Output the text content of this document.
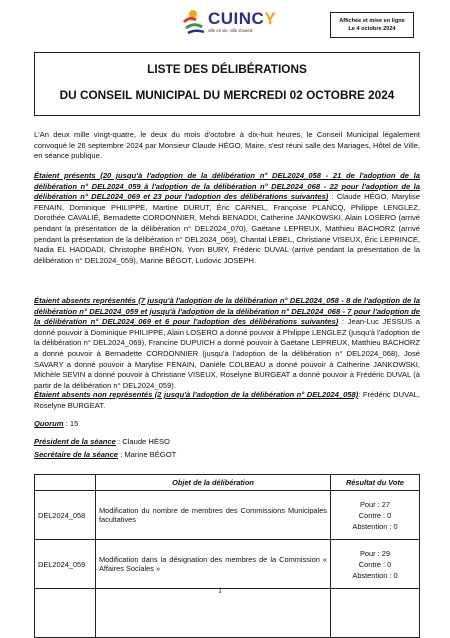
CUINCY
ville en vie, ville d'avenir
Affichée et mise en ligne
Le 4 octobre 2024
LISTE DES DÉLIBÉRATIONS
DU CONSEIL MUNICIPAL DU MERCREDI 02 OCTOBRE 2024
L'An deux mille vingt-quatre, le deux du mois d'octobre à dix-huit heures, le Conseil Municipal légalement convoqué le 26 septembre 2024 par Monsieur Claude HÉGO, Maire, s'est réuni salle des Mariages, Hôtel de Ville, en séance publique.
Étaient présents (20 jusqu'à l'adoption de la délibération n° DEL2024_058 - 21 de l'adoption de la délibération n° DEL2024_059 à l'adoption de la délibération n° DEL2024_068 - 22 pour l'adoption de la délibération n° DEL2024_069 et 23 pour l'adoption des délibérations suivantes) : Claude HÉGO, Marylise FENAIN, Dominique PHILIPPE, Martine DURUT, Éric CARNEL, Françoise PLANCQ, Philippe LENGLEZ, Dorothée CAVALIÉ, Bernadette CORDONNIER, Mehdi BENADDI, Catherine JANKOWSKI, Alain LOSERO (arrivé pendant la présentation de la délibération n° DEL2024_070), Gaëtane LEPREUX, Matthieu BACHORZ (arrivé pendant la présentation de la délibération n° DEL2024_069), Chantal LEBEL, Christiane VISEUX, Éric LEPRINCE, Nadia EL HADDADI, Christophe BRÉHON, Yvon BURY, Frédéric DUVAL (arrivé pendant la présentation de la délibération n° DEL2024_059), Marine BÉGOT, Ludovic JOSEPH.
Étaient absents représentés (7 jusqu'à l'adoption de la délibération n° DEL2024_058 - 8 de l'adoption de la délibération n° DEL2024_059 et jusqu'à l'adoption de la délibération n° DEL2024_068 - 7 pour l'adoption de la délibération n° DEL2024_069 et 6 pour l'adoption des délibérations suivantes) : Jean-Luc JESSUS a donné pouvoir à Dominique PHILIPPE, Alain LOSERO a donné pouvoir à Philippe LENGLEZ (jusqu'à l'adoption de la délibération n° DEL2024_069), Francine DUPUICH a donné pouvoir à Gaëtane LEPREUX, Matthieu BACHORZ a donné pouvoir à Bernadette CORDONNIER (jusqu'à l'adoption de la délibération n° DEL2024_068), José SAVARY a donné pouvoir à Marylise FENAIN, Danièle COLBEAU a donné pouvoir à Catherine JANKOWSKI, Michèle SEVIN a donné pouvoir à Christiane VISEUX, Roselyne BURGEAT a donné pouvoir à Frédéric DUVAL (à partir de la délibération n° DEL2024_059).
Étaient absents non représentés (2 jusqu'à l'adoption de la délibération n° DEL2024_058): Frédéric DUVAL, Roselyne BURGEAT.
Quorum : 15
Président de la séance : Claude HÉSO
Secrétaire de la séance : Marine BÉGOT
	Objet de la délibération	Résultat du Vote
DEL2024_058	Modification du nombre de membres des Commissions Municipales facultatives	Pour : 27
Contre : 0
Abstention : 0

DEL2024_059	Modification dans la désignation des membres de la Commission « Affaires Sociales »	Pour : 29
Contre : 0
Abstention : 0

1
